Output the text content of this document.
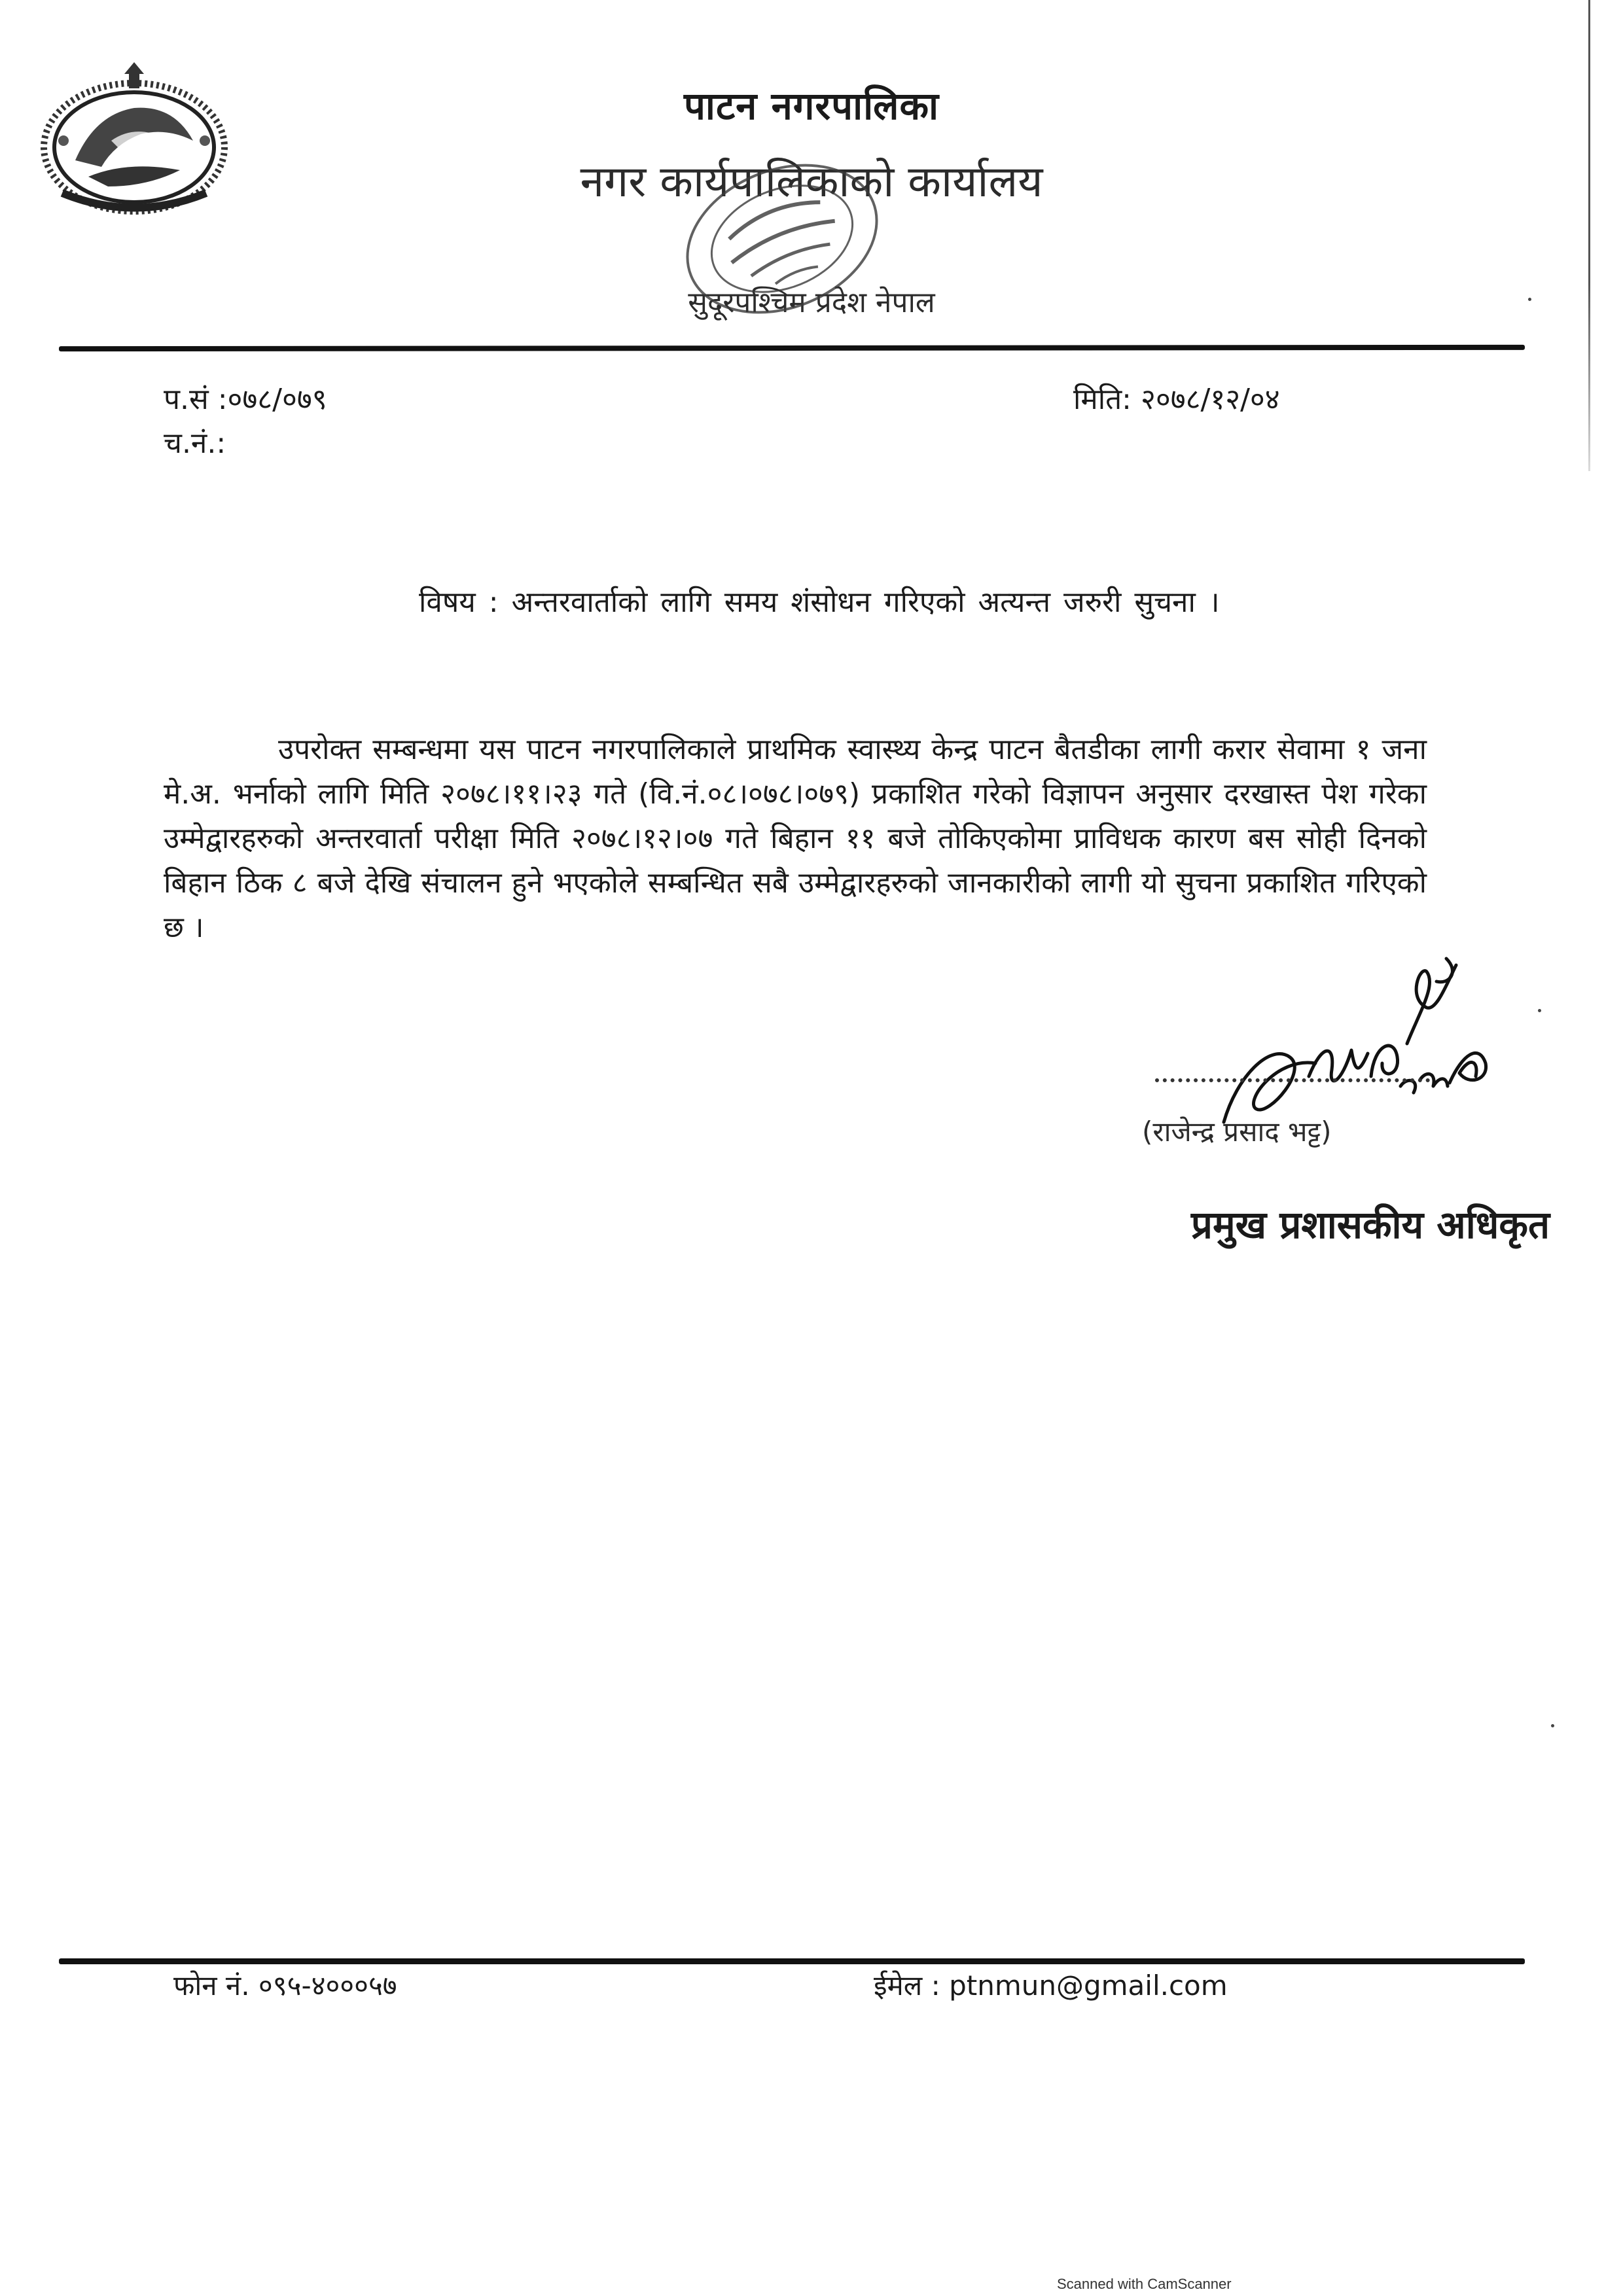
पाटन नगरपालिका
नगर कार्यपालिकाको कार्यालय
सुदूरपश्चिम प्रदेश नेपाल
प.सं :०७८/०७९
च.नं.:
मिति: २०७८/१२/०४
विषय : अन्तरवार्ताको लागि समय शंसोधन गरिएको अत्यन्त जरुरी सुचना ।
उपरोक्त सम्बन्धमा यस पाटन नगरपालिकाले प्राथमिक स्वास्थ्य केन्द्र पाटन बैतडीका लागी करार सेवामा १ जना मे.अ. भर्नाको लागि मिति २०७८।११।२३ गते (वि.नं.०८।०७८।०७९) प्रकाशित गरेको विज्ञापन अनुसार दरखास्त पेश गरेका उम्मेद्वारहरुको अन्तरवार्ता परीक्षा मिति २०७८।१२।०७ गते बिहान ११ बजे तोकिएकोमा प्राविधक कारण बस सोही दिनको बिहान ठिक ८ बजे देखि संचालन हुने भएकोले सम्बन्धित सबै उम्मेद्वारहरुको जानकारीको लागी यो सुचना प्रकाशित गरिएको छ ।
(राजेन्द्र प्रसाद भट्ट)
प्रमुख प्रशासकीय अधिकृत
फोन नं. ०९५-४०००५७	ईमेल : ptnmun@gmail.com
Scanned with CamScanner
